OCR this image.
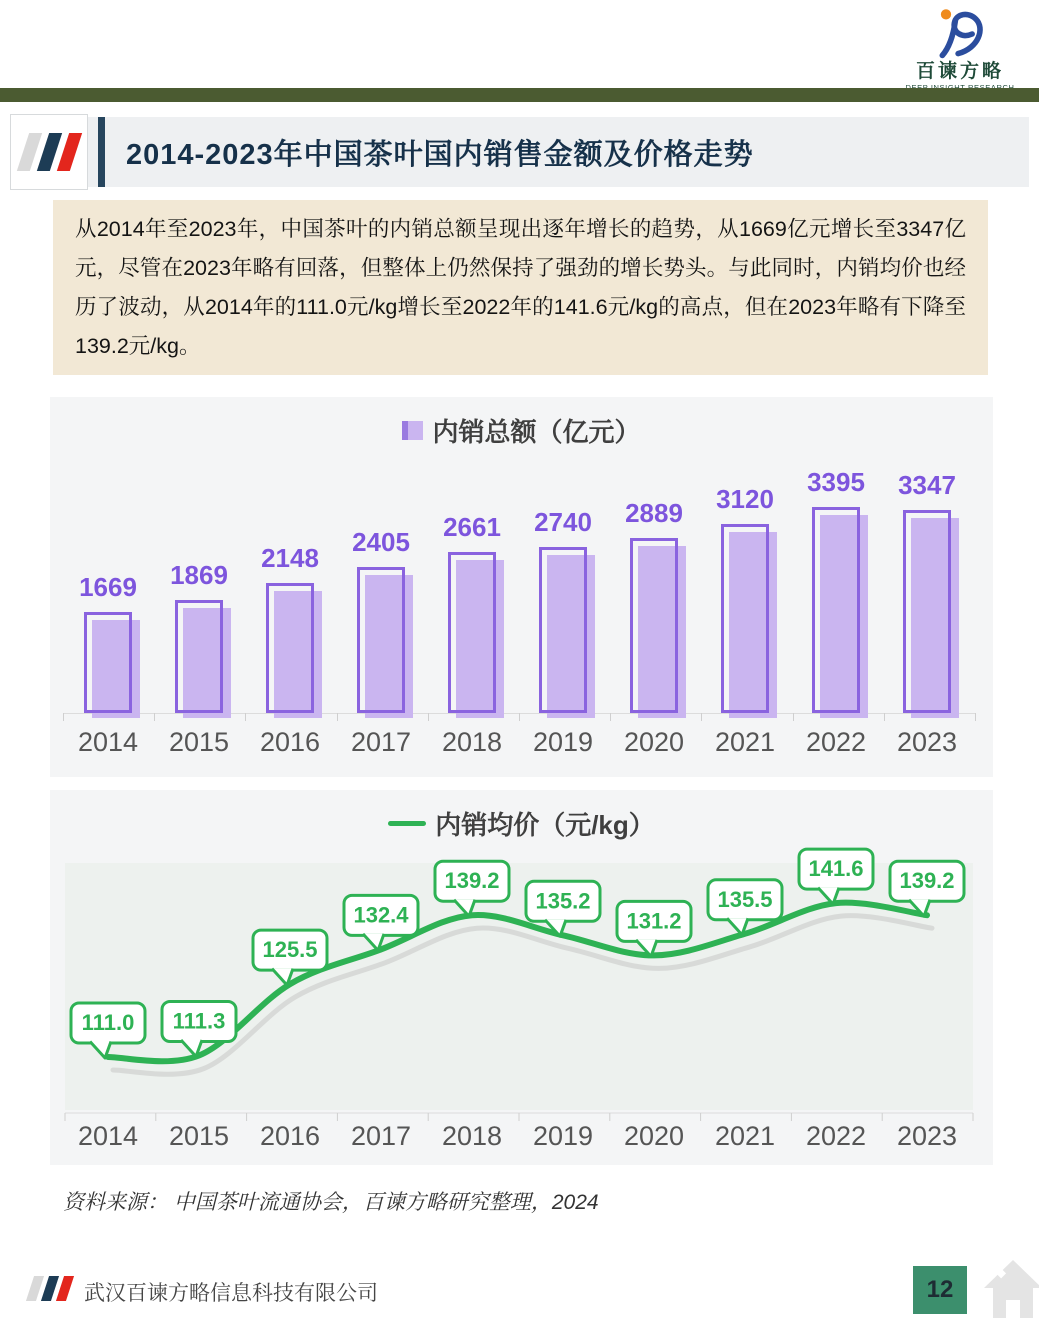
百谏方略
2014-2023年中国茶叶国内销售金额及价格走势
从2014年至2023年，中国茶叶的内销总额呈现出逐年增长的趋势，从1669亿元增长至3347亿元，尽管在2023年略有回落，但整体上仍然保持了强劲的增长势头。与此同时，内销均价也经历了波动，从2014年的111.0元/kg增长至2022年的141.6元/kg的高点，但在2023年略有下降至139.2元/kg。
内销总额（亿元）
1669
2014
1869
2015
2148
2016
2405
2017
2661
2018
2740
2019
2889
2020
3120
2021
3395
2022
3347
2023
内销均价（元/kg）
2014 2015 2016 2017 2018 2019 2020 2021 2022 2023
111.0 111.3
125.5
132.4
139.2
135.2
131.2
135.5
141.6 139.2

资料来源： 中国茶叶流通协会，百谏方略研究整理，2024

武汉百谏方略信息科技有限公司	12
